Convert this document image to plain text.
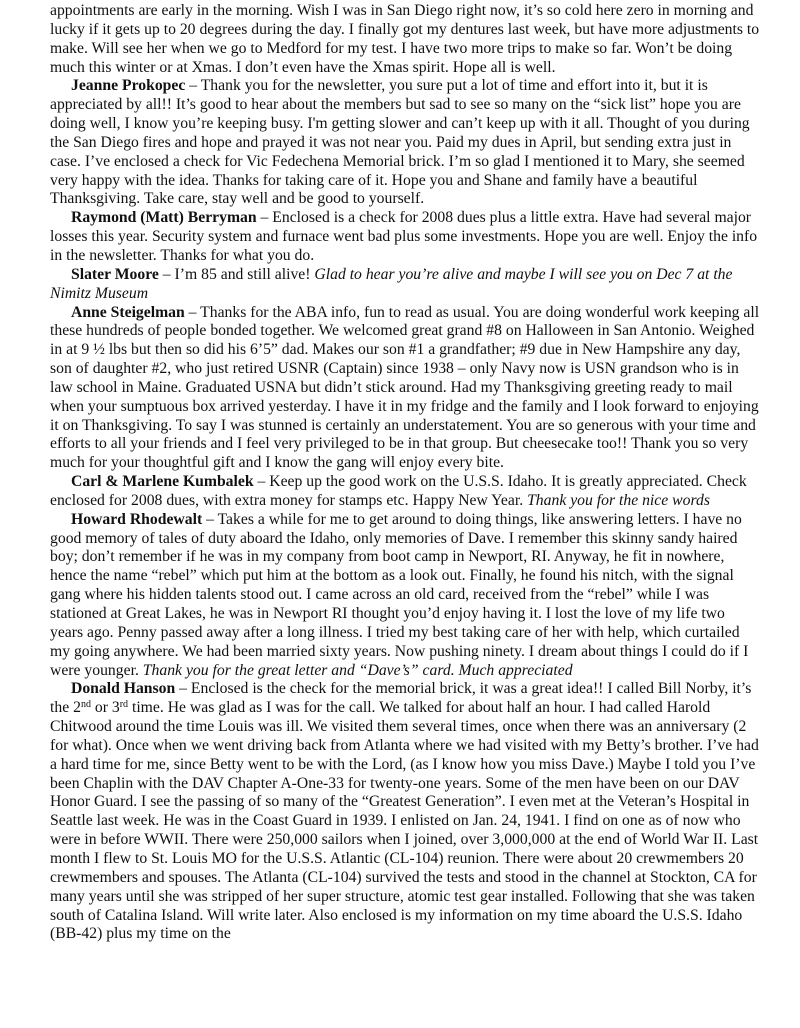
appointments are early in the morning. Wish I was in San Diego right now, it’s so cold here zero in morning and lucky if it gets up to 20 degrees during the day. I finally got my dentures last week, but have more adjustments to make. Will see her when we go to Medford for my test. I have two more trips to make so far. Won’t be doing much this winter or at Xmas. I don’t even have the Xmas spirit. Hope all is well.

Jeanne Prokopec – Thank you for the newsletter, you sure put a lot of time and effort into it, but it is appreciated by all!! It’s good to hear about the members but sad to see so many on the “sick list” hope you are doing well, I know you’re keeping busy. I'm getting slower and can’t keep up with it all. Thought of you during the San Diego fires and hope and prayed it was not near you. Paid my dues in April, but sending extra just in case. I’ve enclosed a check for Vic Fedechena Memorial brick. I’m so glad I mentioned it to Mary, she seemed very happy with the idea. Thanks for taking care of it. Hope you and Shane and family have a beautiful Thanksgiving. Take care, stay well and be good to yourself.

Raymond (Matt) Berryman – Enclosed is a check for 2008 dues plus a little extra. Have had several major losses this year. Security system and furnace went bad plus some investments. Hope you are well. Enjoy the info in the newsletter. Thanks for what you do.

Slater Moore – I’m 85 and still alive! Glad to hear you’re alive and maybe I will see you on Dec 7 at the Nimitz Museum

Anne Steigelman – Thanks for the ABA info, fun to read as usual. You are doing wonderful work keeping all these hundreds of people bonded together. We welcomed great grand #8 on Halloween in San Antonio. Weighed in at 9 ½ lbs but then so did his 6’5” dad. Makes our son #1 a grandfather; #9 due in New Hampshire any day, son of daughter #2, who just retired USNR (Captain) since 1938 – only Navy now is USN grandson who is in law school in Maine. Graduated USNA but didn’t stick around. Had my Thanksgiving greeting ready to mail when your sumptuous box arrived yesterday. I have it in my fridge and the family and I look forward to enjoying it on Thanksgiving. To say I was stunned is certainly an understatement. You are so generous with your time and efforts to all your friends and I feel very privileged to be in that group. But cheesecake too!! Thank you so very much for your thoughtful gift and I know the gang will enjoy every bite.

Carl & Marlene Kumbalek – Keep up the good work on the U.S.S. Idaho. It is greatly appreciated. Check enclosed for 2008 dues, with extra money for stamps etc. Happy New Year. Thank you for the nice words

Howard Rhodewalt – Takes a while for me to get around to doing things, like answering letters. I have no good memory of tales of duty aboard the Idaho, only memories of Dave. I remember this skinny sandy haired boy; don’t remember if he was in my company from boot camp in Newport, RI. Anyway, he fit in nowhere, hence the name “rebel” which put him at the bottom as a look out. Finally, he found his nitch, with the signal gang where his hidden talents stood out. I came across an old card, received from the “rebel” while I was stationed at Great Lakes, he was in Newport RI thought you’d enjoy having it. I lost the love of my life two years ago. Penny passed away after a long illness. I tried my best taking care of her with help, which curtailed my going anywhere. We had been married sixty years. Now pushing ninety. I dream about things I could do if I were younger. Thank you for the great letter and “Dave’s” card. Much appreciated

Donald Hanson – Enclosed is the check for the memorial brick, it was a great idea!! I called Bill Norby, it’s the 2nd or 3rd time. He was glad as I was for the call. We talked for about half an hour. I had called Harold Chitwood around the time Louis was ill. We visited them several times, once when there was an anniversary (2 for what). Once when we went driving back from Atlanta where we had visited with my Betty’s brother. I’ve had a hard time for me, since Betty went to be with the Lord, (as I know how you miss Dave.) Maybe I told you I’ve been Chaplin with the DAV Chapter A-One-33 for twenty-one years. Some of the men have been on our DAV Honor Guard. I see the passing of so many of the “Greatest Generation”. I even met at the Veteran’s Hospital in Seattle last week. He was in the Coast Guard in 1939. I enlisted on Jan. 24, 1941. I find on one as of now who were in before WWII. There were 250,000 sailors when I joined, over 3,000,000 at the end of World War II. Last month I flew to St. Louis MO for the U.S.S. Atlantic (CL-104) reunion. There were about 20 crewmembers 20 crewmembers and spouses. The Atlanta (CL-104) survived the tests and stood in the channel at Stockton, CA for many years until she was stripped of her super structure, atomic test gear installed. Following that she was taken south of Catalina Island. Will write later. Also enclosed is my information on my time aboard the U.S.S. Idaho (BB-42) plus my time on the
